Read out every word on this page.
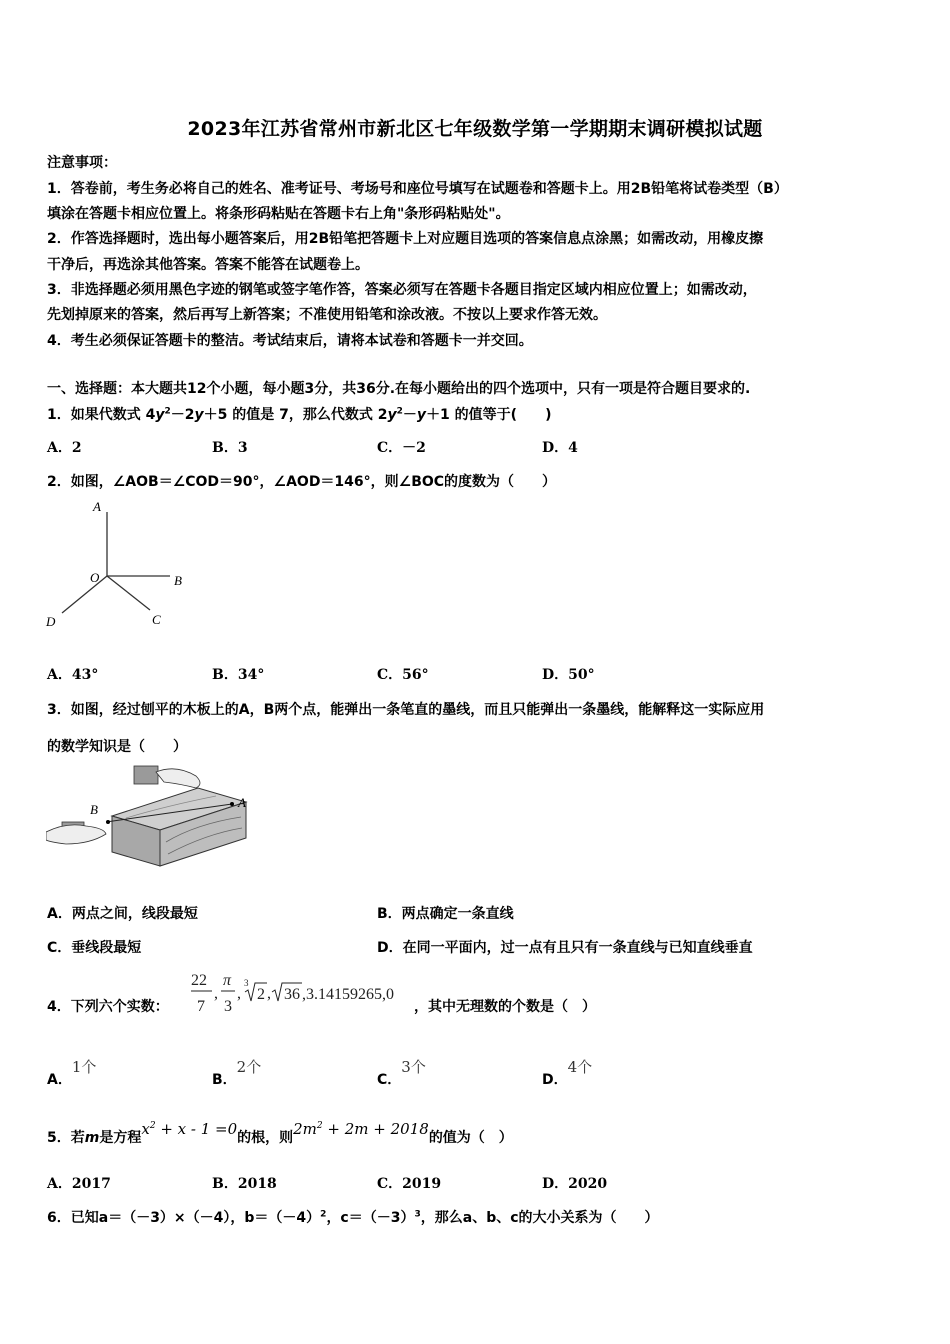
2023年江苏省常州市新北区七年级数学第一学期期末调研模拟试题
注意事项：
1．答卷前，考生务必将自己的姓名、准考证号、考场号和座位号填写在试题卷和答题卡上。用2B铅笔将试卷类型（B）
填涂在答题卡相应位置上。将条形码粘贴在答题卡右上角"条形码粘贴处"。
2．作答选择题时，选出每小题答案后，用2B铅笔把答题卡上对应题目选项的答案信息点涂黑；如需改动，用橡皮擦
干净后，再选涂其他答案。答案不能答在试题卷上。
3．非选择题必须用黑色字迹的钢笔或签字笔作答，答案必须写在答题卡各题目指定区域内相应位置上；如需改动，
先划掉原来的答案，然后再写上新答案；不准使用铅笔和涂改液。不按以上要求作答无效。
4．考生必须保证答题卡的整洁。考试结束后，请将本试卷和答题卡一并交回。
一、选择题：本大题共12个小题，每小题3分，共36分.在每小题给出的四个选项中，只有一项是符合题目要求的.
1．如果代数式 $4y^2-2y+5$ 的值是 7，那么代数式 $2y^2-y+1$ 的值等于(　　)
A．2	B．3	C．－2	D．4
2．如图，∠AOB＝∠COD＝90°，∠AOD＝146°，则∠BOC的度数为（　　）
A
B
C
D
O
A．43°	B．34°	C．56°	D．50°
3．如图，经过刨平的木板上的A，B两个点，能弹出一条笔直的墨线，而且只能弹出一条墨线，能解释这一实际应用
的数学知识是（　　）
A
B
A．两点之间，线段最短	B．两点确定一条直线
C．垂线段最短	D．在同一平面内，过一点有且只有一条直线与已知直线垂直
4．下列六个实数：
22
7
,
π
3
,
3
2 , 36 ,3.14159265,0
，其中无理数的个数是（　）
A．1个
B．2个
C．3个
D．4个
5．若m是方程$x^2 + x - 1 =0$的根，则$2m^2 + 2m + 2018$的值为（　）
A．2017	B．2018	C．2019	D．2020
6．已知a＝（－3）×（－4），$b=(-4)^2$，$c=(-3)^3$，那么a、b、c的大小关系为（　　）
